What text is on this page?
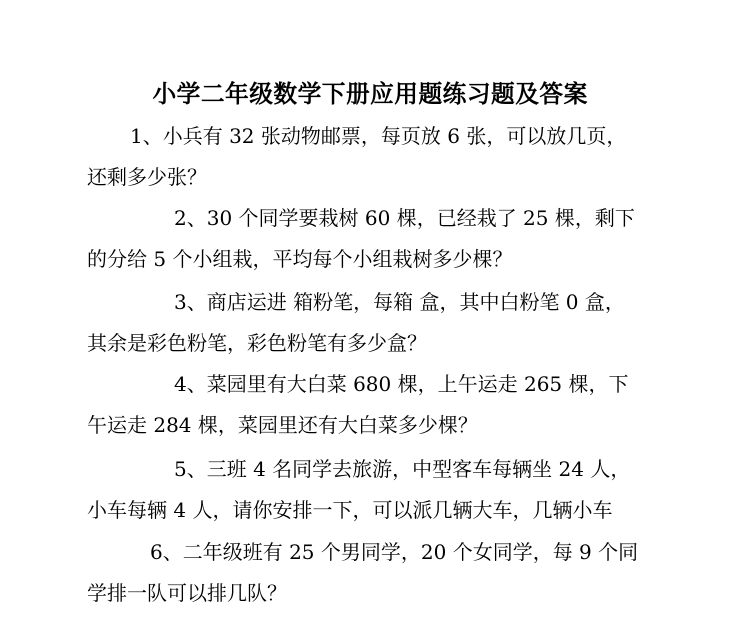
小学二年级数学下册应用题练习题及答案
1、小兵有 32 张动物邮票，每页放 6 张，可以放几页，
还剩多少张？
2、30 个同学要栽树 60 棵，已经栽了 25 棵，剩下
的分给 5 个小组栽，平均每个小组栽树多少棵？
3、商店运进 箱粉笔，每箱 盒，其中白粉笔 0 盒，
其余是彩色粉笔，彩色粉笔有多少盒？
4、菜园里有大白菜 680 棵，上午运走 265 棵，下
午运走 284 棵，菜园里还有大白菜多少棵？
5、三班 4 名同学去旅游，中型客车每辆坐 24 人，
小车每辆 4 人，请你安排一下，可以派几辆大车，几辆小车
6、二年级班有 25 个男同学，20 个女同学，每 9 个同
学排一队可以排几队？
